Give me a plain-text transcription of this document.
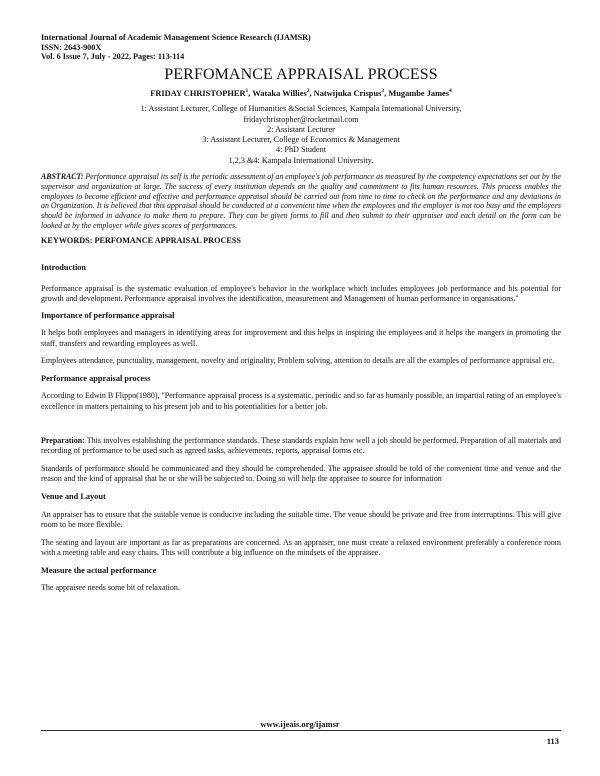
International Journal of Academic Management Science Research (IJAMSR)
ISSN: 2643-900X
Vol. 6 Issue 7, July - 2022, Pages: 113-114
PERFOMANCE APPRAISAL PROCESS
FRIDAY CHRISTOPHER$^1$, Wataka Willies$^2$, Natwijuka Crispus$^3$, Mugambe James$^4$
1: Assistant Lecturer, College of Humanities &Social Sciences, Kampala International University,
fridaychristopher@rocketmail.com
2: Assistant Lecturer
3: Assistant Lecturer, College of Economics & Management
4: PhD Student
1,2,3 &4: Kampala International University.
ABSTRACT: Performance appraisal its self is the periodic assessment of an employee's job performance as measured by the competency expectations set out by the supervisor and organization at large. The success of every institution depends on the quality and commitment to fits human resources. This process enables the employees to become efficient and effective and performance appraisal should be carried out from time to time to check on the performance and any deviations in an Organization. It is believed that this appraisal should be conducted at a convenient time when the employees and the employer is not too busy and the employees should be informed in advance to make them to prepare. They can be given forms to fill and then submit to their appraiser and each detail on the form can be looked at by the employer while gives scores of performances.
KEYWORDS: PERFOMANCE APPRAISAL PROCESS
Introduction

Performance appraisal is the systematic evaluation of employee's behavior in the workplace which includes employees job performance and his potential for growth and development. Performance appraisal involves the identification, measurement and Management of human performance in organisations."

Importance of performance appraisal

It helps both employees and managers in identifying areas for improvement and this helps in inspiring the employees and it helps the mangers in promoting the staff, transfers and rewarding employees as well.

Employees attendance, punctuality, management, novelty and originality, Problem solving, attention to details are all the examples of performance appraisal etc.

Performance appraisal process

According to Edwin B Flippo(1980), "Performance appraisal process is a systematic, periodic and so far as humanly possible, an impartial rating of an employee's excellence in matters pertaining to his present job and to his potentialities for a better job.

Preparation: This involves establishing the performance standards. These standards explain how well a job should be performed. Preparation of all materials and recording of performance to be used such as agreed tasks, achievements, reports, appraisal forms etc.

Standards of performance should be communicated and they should be comprehended. The appraisee should be told of the convenient time and venue and the reason and the kind of appraisal that he or she will be subjected to. Doing so will help the appraisee to source for information

Venue and Layout

An appraiser has to ensure that the suitable venue is conducive including the suitable time. The venue should be private and free from interruptions. This will give room to be more flexible.

The seating and layout are important as far as preparations are concerned. As an appraiser, one must create a relaxed environment preferably a conference room with a meeting table and easy chairs. This will contribute a big influence on the mindsets of the appraisee.

Measure the actual performance

The appraisee needs some bit of relaxation.

www.ijeais.org/ijamsr
113
